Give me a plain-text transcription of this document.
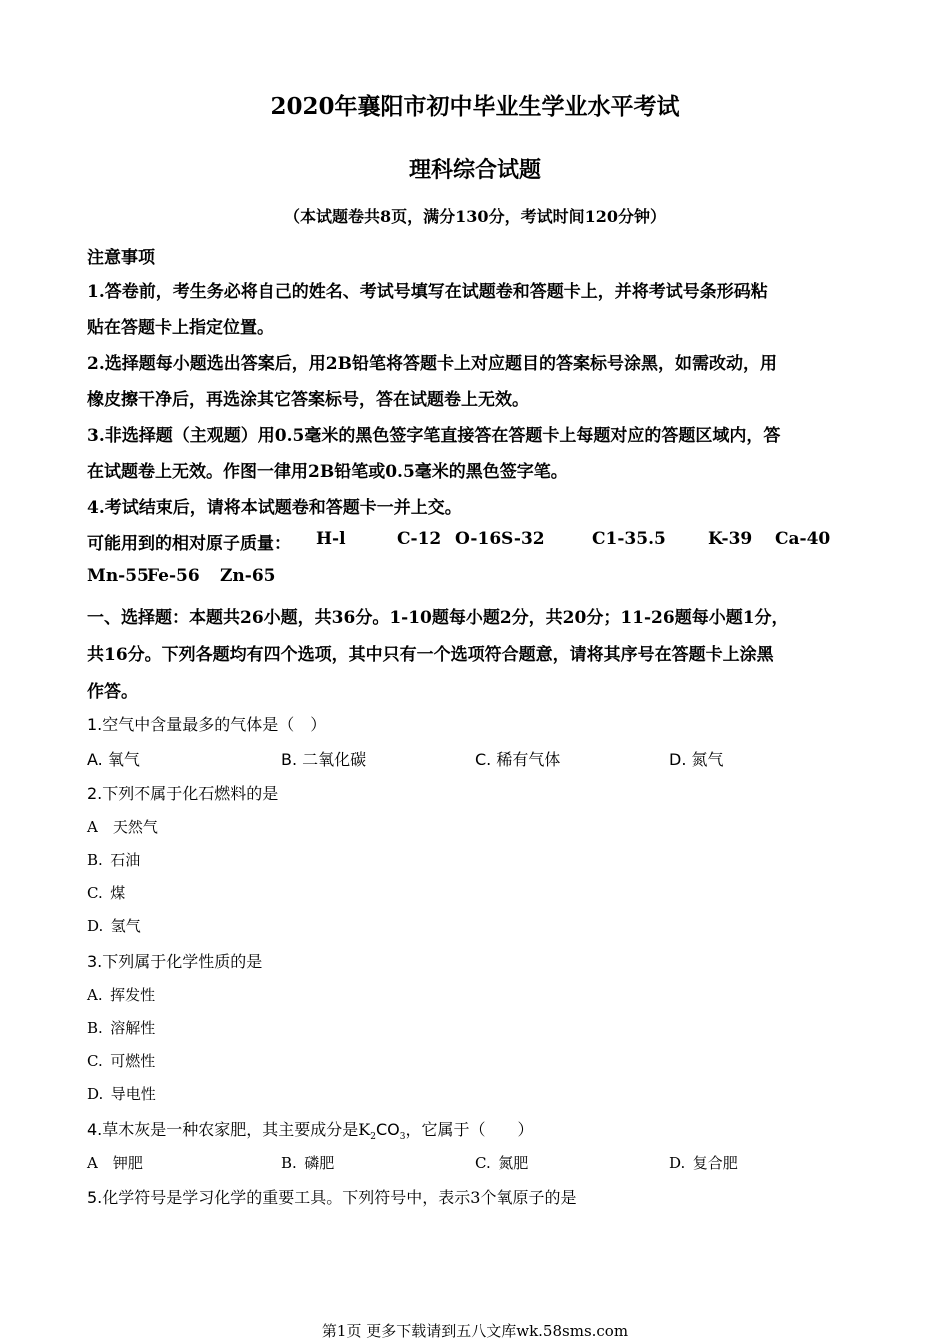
2020年襄阳市初中毕业生学业水平考试
理科综合试题
（本试题卷共8页，满分130分，考试时间120分钟）
注意事项
1.答卷前，考生务必将自己的姓名、考试号填写在试题卷和答题卡上，并将考试号条形码粘
贴在答题卡上指定位置。
2.选择题每小题选出答案后，用2B铅笔将答题卡上对应题目的答案标号涂黑，如需改动，用
橡皮擦干净后，再选涂其它答案标号，答在试题卷上无效。
3.非选择题（主观题）用0.5毫米的黑色签字笔直接答在答题卡上每题对应的答题区域内，答
在试题卷上无效。作图一律用2B铅笔或0.5毫米的黑色签字笔。
4.考试结束后，请将本试题卷和答题卡一并上交。
可能用到的相对原子质量： H-l	C-12 O-16 S-32	C1-35.5 K-39 Ca-40
Mn-55
Fe-56 Zn-65
一、选择题：本题共26小题，共36分。1-10题每小题2分，共20分；11-26题每小题1分，
共16分。下列各题均有四个选项，其中只有一个选项符合题意，请将其序号在答题卡上涂黑
作答。
1.空气中含量最多的气体是（　）
A. 氧气	B. 二氧化碳	C. 稀有气体	D. 氮气
2.下列不属于化石燃料的是
A  天然气
B.  石油
C.  煤
D.  氢气
3.下列属于化学性质的是
A.  挥发性
B.  溶解性
C.  可燃性
D.  导电性
4.草木灰是一种农家肥，其主要成分是$K_2CO_3$，它属于（　　）
A  钾肥	B.  磷肥	C.  氮肥	D.  复合肥
5.化学符号是学习化学的重要工具。下列符号中，表示3个氧原子的是
第1页 更多下载请到五八文库wk.58sms.com
